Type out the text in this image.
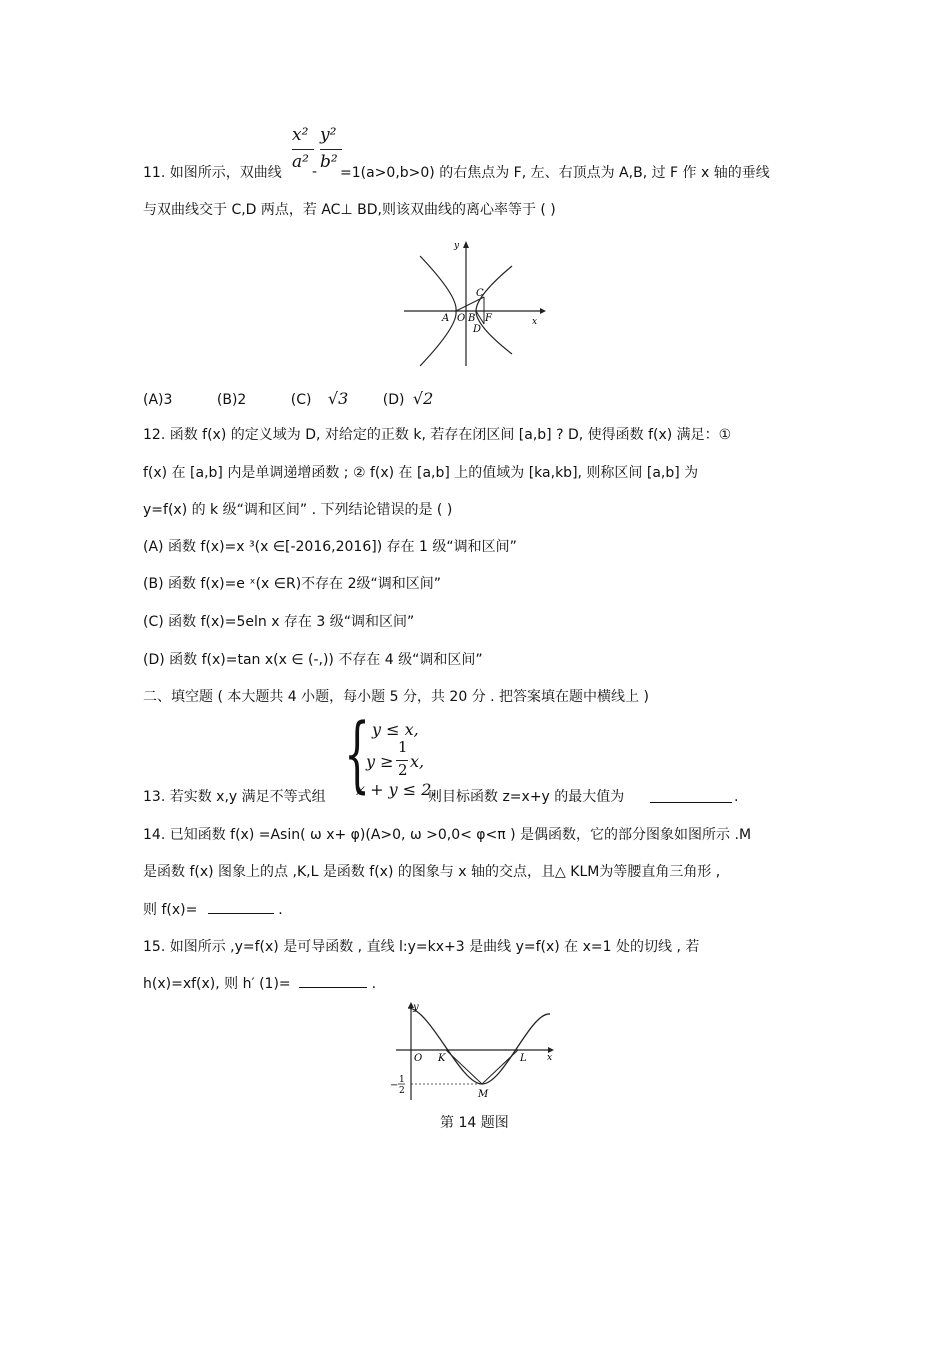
x²
a² -
y²
b²
11. 如图所示，双曲线	=1(a>0,b>0) 的右焦点为 F, 左、右顶点为 A,B, 过 F 作 x 轴的垂线
与双曲线交于 C,D 两点，若 AC⊥ BD,则该双曲线的离心率等于 ( )
y
x
A O B F
C
D
(A)3	(B)2	(C) √3 (D) √2
12. 函数 f(x) 的定义域为 D, 对给定的正数 k, 若存在闭区间 [a,b] ? D, 使得函数 f(x) 满足：①
f(x) 在 [a,b] 内是单调递增函数 ; ② f(x) 在 [a,b] 上的值域为 [ka,kb], 则称区间 [a,b] 为
y=f(x) 的 k 级“调和区间” . 下列结论错误的是 ( )
(A) 函数 f(x)=x ³(x ∈[-2016,2016]) 存在 1 级“调和区间”
(B) 函数 f(x)=e ˣ(x ∈R)不存在 2级“调和区间”
(C) 函数 f(x)=5eln x 存在 3 级“调和区间”
(D) 函数 f(x)=tan x(x ∈ (-,)) 不存在 4 级“调和区间”
二、填空题 ( 本大题共 4 小题，每小题 5 分，共 20 分 . 把答案填在题中横线上 )
{ y ≤ x,
y ≥
1
2 x,
x + y ≤ 2,
13. 若实数 x,y 满足不等式组	则目标函数 z=x+y 的最大值为	.
14. 已知函数 f(x) =Asin( ω x+ φ)(A>0, ω >0,0< φ<π ) 是偶函数，它的部分图象如图所示 .M
是函数 f(x) 图象上的点 ,K,L 是函数 f(x) 的图象与 x 轴的交点，且△ KLM为等腰直角三角形 ,
则 f(x)=	.
15. 如图所示 ,y=f(x) 是可导函数 , 直线 l:y=kx+3 是曲线 y=f(x) 在 x=1 处的切线 , 若
h(x)=xf(x), 则 h′ (1)=	.
y
x
O K	L
M
− 1
2
第 14 题图
